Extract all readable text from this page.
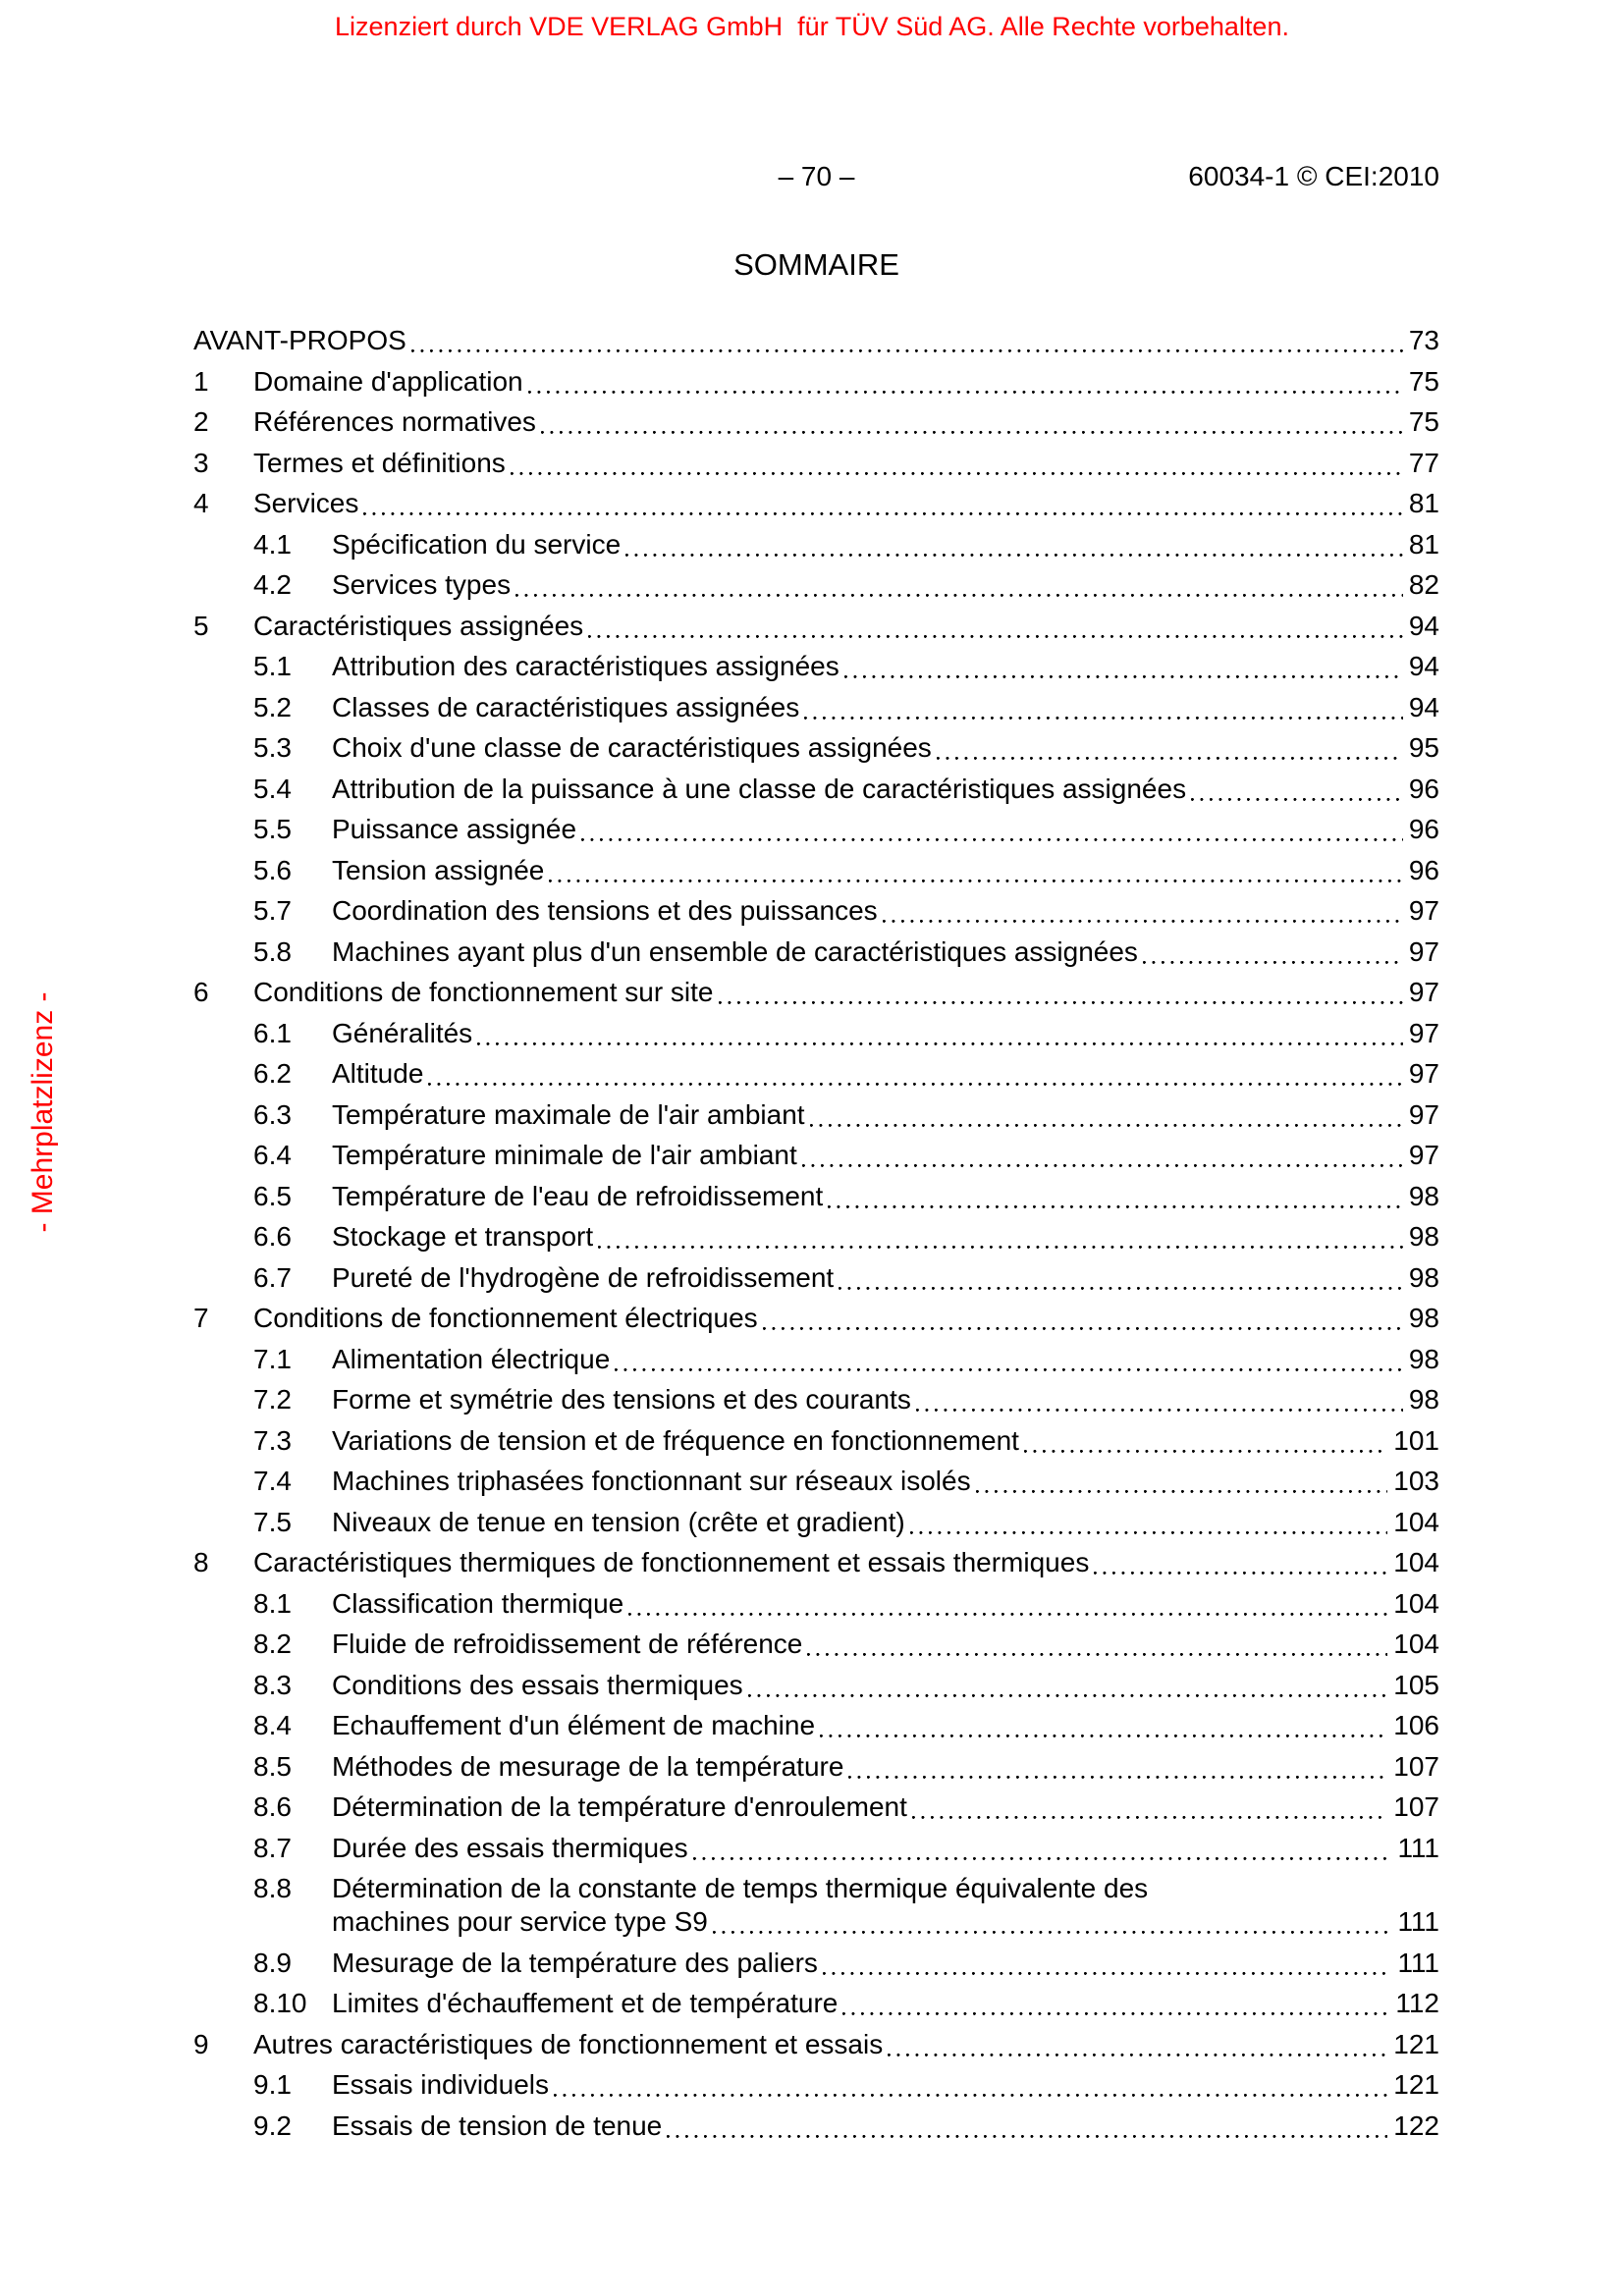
Lizenziert durch VDE VERLAG GmbH  für TÜV Süd AG. Alle Rechte vorbehalten.
- Mehrplatzlizenz -
– 70 –	60034-1 © CEI:2010
SOMMAIRE
AVANT-PROPOS	73
1	Domaine d'application	75
2	Références normatives	75
3	Termes et définitions	77
4	Services	81
4.1	Spécification du service	81
4.2	Services types	82
5	Caractéristiques assignées	94
5.1	Attribution des caractéristiques assignées	94
5.2	Classes de caractéristiques assignées	94
5.3	Choix d'une classe de caractéristiques assignées	95
5.4	Attribution de la puissance à une classe de caractéristiques assignées	96
5.5	Puissance assignée	96
5.6	Tension assignée	96
5.7	Coordination des tensions et des puissances	97
5.8	Machines ayant plus d'un ensemble de caractéristiques assignées	97
6	Conditions de fonctionnement sur site	97
6.1	Généralités	97
6.2	Altitude	97
6.3	Température maximale de l'air ambiant	97
6.4	Température minimale de l'air ambiant	97
6.5	Température de l'eau de refroidissement	98
6.6	Stockage et transport	98
6.7	Pureté de l'hydrogène de refroidissement	98
7	Conditions de fonctionnement électriques	98
7.1	Alimentation électrique	98
7.2	Forme et symétrie des tensions et des courants	98
7.3	Variations de tension et de fréquence en fonctionnement	101
7.4	Machines triphasées fonctionnant sur réseaux isolés	103
7.5	Niveaux de tenue en tension (crête et gradient)	104
8	Caractéristiques thermiques de fonctionnement et essais thermiques	104
8.1	Classification thermique	104
8.2	Fluide de refroidissement de référence	104
8.3	Conditions des essais thermiques	105
8.4	Echauffement d'un élément de machine	106
8.5	Méthodes de mesurage de la température	107
8.6	Détermination de la température d'enroulement	107
8.7	Durée des essais thermiques	111
8.8	Détermination de la constante de temps thermique équivalente des
machines pour service type S9	111
8.9	Mesurage de la température des paliers	111
8.10 Limites d'échauffement et de température	112
9	Autres caractéristiques de fonctionnement et essais	121
9.1	Essais individuels	121
9.2	Essais de tension de tenue	122
